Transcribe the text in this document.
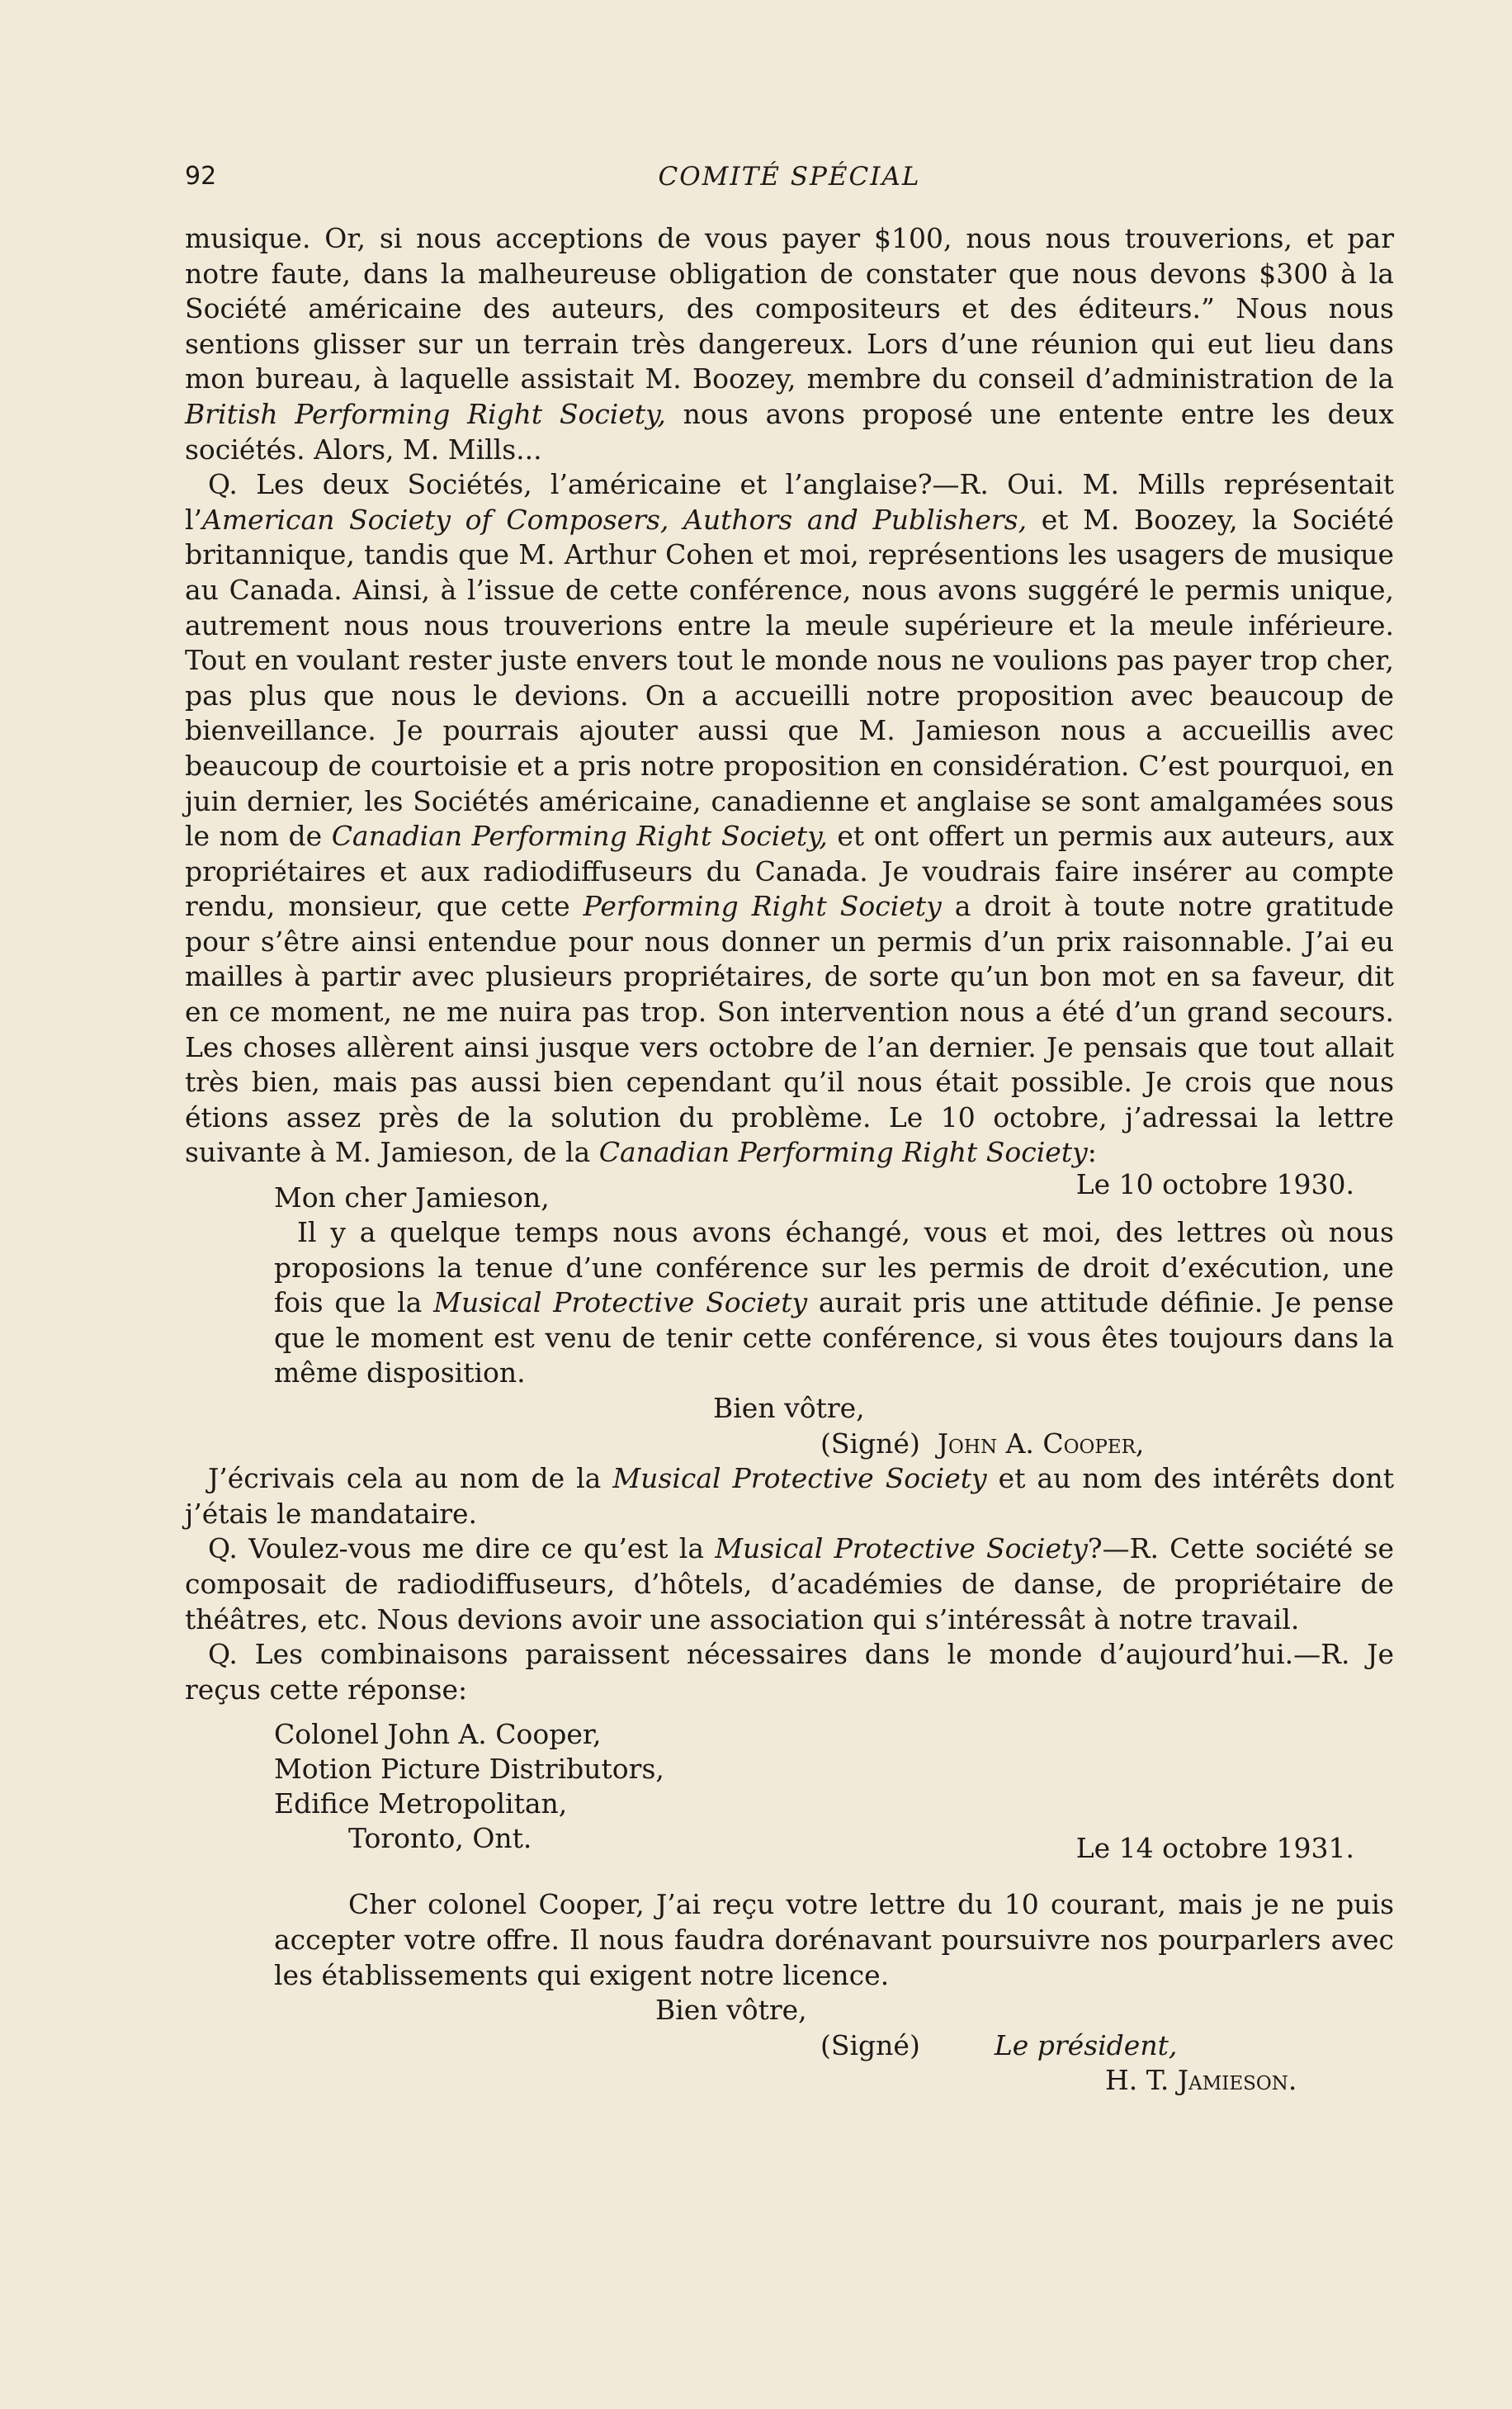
92	COMITÉ SPÉCIAL

musique. Or, si nous acceptions de vous payer $100, nous nous trouverions, et par notre faute, dans la malheureuse obligation de constater que nous devons $300 à la Société américaine des auteurs, des compositeurs et des éditeurs.” Nous nous sentions glisser sur un terrain très dangereux. Lors d’une réunion qui eut lieu dans mon bureau, à laquelle assistait M. Boozey, membre du conseil d’administration de la British Performing Right Society, nous avons proposé une entente entre les deux sociétés. Alors, M. Mills...

Q. Les deux Sociétés, l’américaine et l’anglaise?—R. Oui. M. Mills représentait l’American Society of Composers, Authors and Publishers, et M. Boozey, la Société britannique, tandis que M. Arthur Cohen et moi, représentions les usagers de musique au Canada. Ainsi, à l’issue de cette conférence, nous avons suggéré le permis unique, autrement nous nous trouverions entre la meule supérieure et la meule inférieure. Tout en voulant rester juste envers tout le monde nous ne voulions pas payer trop cher, pas plus que nous le devions. On a accueilli notre proposition avec beaucoup de bienveillance. Je pourrais ajouter aussi que M. Jamieson nous a accueillis avec beaucoup de courtoisie et a pris notre proposition en considération. C’est pourquoi, en juin dernier, les Sociétés américaine, canadienne et anglaise se sont amalgamées sous le nom de Canadian Performing Right Society, et ont offert un permis aux auteurs, aux propriétaires et aux radiodiffuseurs du Canada. Je voudrais faire insérer au compte rendu, monsieur, que cette Performing Right Society a droit à toute notre gratitude pour s’être ainsi entendue pour nous donner un permis d’un prix raisonnable. J’ai eu mailles à partir avec plusieurs propriétaires, de sorte qu’un bon mot en sa faveur, dit en ce moment, ne me nuira pas trop. Son intervention nous a été d’un grand secours. Les choses allèrent ainsi jusque vers octobre de l’an dernier. Je pensais que tout allait très bien, mais pas aussi bien cependant qu’il nous était possible. Je crois que nous étions assez près de la solution du problème. Le 10 octobre, j’adressai la lettre suivante à M. Jamieson, de la Canadian Performing Right Society:

Mon cher Jamieson,	Le 10 octobre 1930.

Il y a quelque temps nous avons échangé, vous et moi, des lettres où nous proposions la tenue d’une conférence sur les permis de droit d’exécution, une fois que la Musical Protective Society aurait pris une attitude définie. Je pense que le moment est venu de tenir cette conférence, si vous êtes toujours dans la même disposition.

Bien vôtre,
(Signé) John A. Cooper,

J’écrivais cela au nom de la Musical Protective Society et au nom des intérêts dont j’étais le mandataire.

Q. Voulez-vous me dire ce qu’est la Musical Protective Society?—R. Cette société se composait de radiodiffuseurs, d’hôtels, d’académies de danse, de propriétaire de théâtres, etc. Nous devions avoir une association qui s’intéressât à notre travail.

Q. Les combinaisons paraissent nécessaires dans le monde d’aujourd’hui.—R. Je reçus cette réponse:

Colonel John A. Cooper,
Motion Picture Distributors,
Edifice Metropolitan,
Toronto, Ont.	Le 14 octobre 1931.

Cher colonel Cooper, J’ai reçu votre lettre du 10 courant, mais je ne puis accepter votre offre. Il nous faudra dorénavant poursuivre nos pourparlers avec les établissements qui exigent notre licence.

Bien vôtre,
(Signé)	Le président,
H. T. Jamieson.
